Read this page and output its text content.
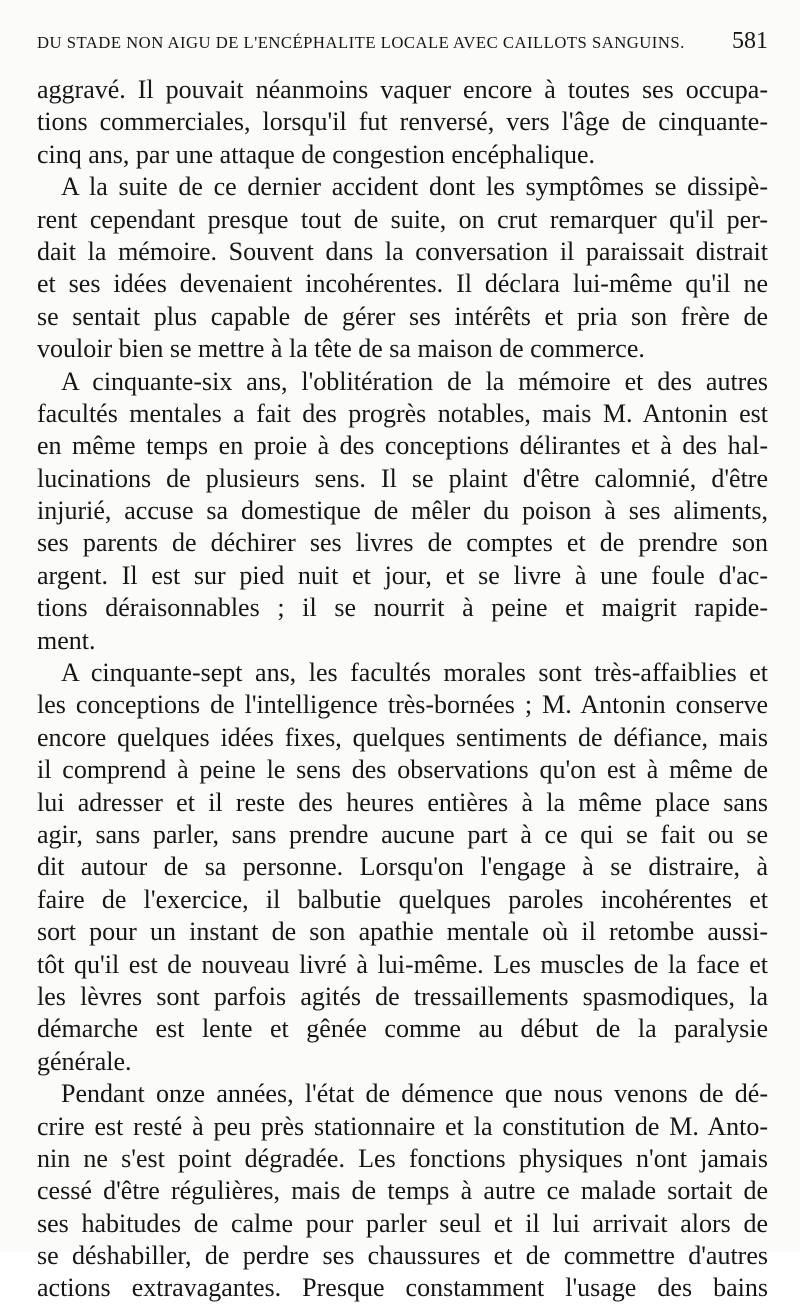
DU STADE NON AIGU DE L'ENCÉPHALITE LOCALE AVEC CAILLOTS SANGUINS. 581
aggravé. Il pouvait néanmoins vaquer encore à toutes ses occupa-
tions commerciales, lorsqu'il fut renversé, vers l'âge de cinquante-
cinq ans, par une attaque de congestion encéphalique.
A la suite de ce dernier accident dont les symptômes se dissipè-
rent cependant presque tout de suite, on crut remarquer qu'il per-
dait la mémoire. Souvent dans la conversation il paraissait distrait
et ses idées devenaient incohérentes. Il déclara lui-même qu'il ne
se sentait plus capable de gérer ses intérêts et pria son frère de
vouloir bien se mettre à la tête de sa maison de commerce.
A cinquante-six ans, l'oblitération de la mémoire et des autres
facultés mentales a fait des progrès notables, mais M. Antonin est
en même temps en proie à des conceptions délirantes et à des hal-
lucinations de plusieurs sens. Il se plaint d'être calomnié, d'être
injurié, accuse sa domestique de mêler du poison à ses aliments,
ses parents de déchirer ses livres de comptes et de prendre son
argent. Il est sur pied nuit et jour, et se livre à une foule d'ac-
tions déraisonnables ; il se nourrit à peine et maigrit rapide-
ment.
A cinquante-sept ans, les facultés morales sont très-affaiblies et
les conceptions de l'intelligence très-bornées ; M. Antonin conserve
encore quelques idées fixes, quelques sentiments de défiance, mais
il comprend à peine le sens des observations qu'on est à même de
lui adresser et il reste des heures entières à la même place sans
agir, sans parler, sans prendre aucune part à ce qui se fait ou se
dit autour de sa personne. Lorsqu'on l'engage à se distraire, à
faire de l'exercice, il balbutie quelques paroles incohérentes et
sort pour un instant de son apathie mentale où il retombe aussi-
tôt qu'il est de nouveau livré à lui-même. Les muscles de la face et
les lèvres sont parfois agités de tressaillements spasmodiques, la
démarche est lente et gênée comme au début de la paralysie
générale.
Pendant onze années, l'état de démence que nous venons de dé-
crire est resté à peu près stationnaire et la constitution de M. Anto-
nin ne s'est point dégradée. Les fonctions physiques n'ont jamais
cessé d'être régulières, mais de temps à autre ce malade sortait de
ses habitudes de calme pour parler seul et il lui arrivait alors de
se déshabiller, de perdre ses chaussures et de commettre d'autres
actions extravagantes. Presque constamment l'usage des bains
